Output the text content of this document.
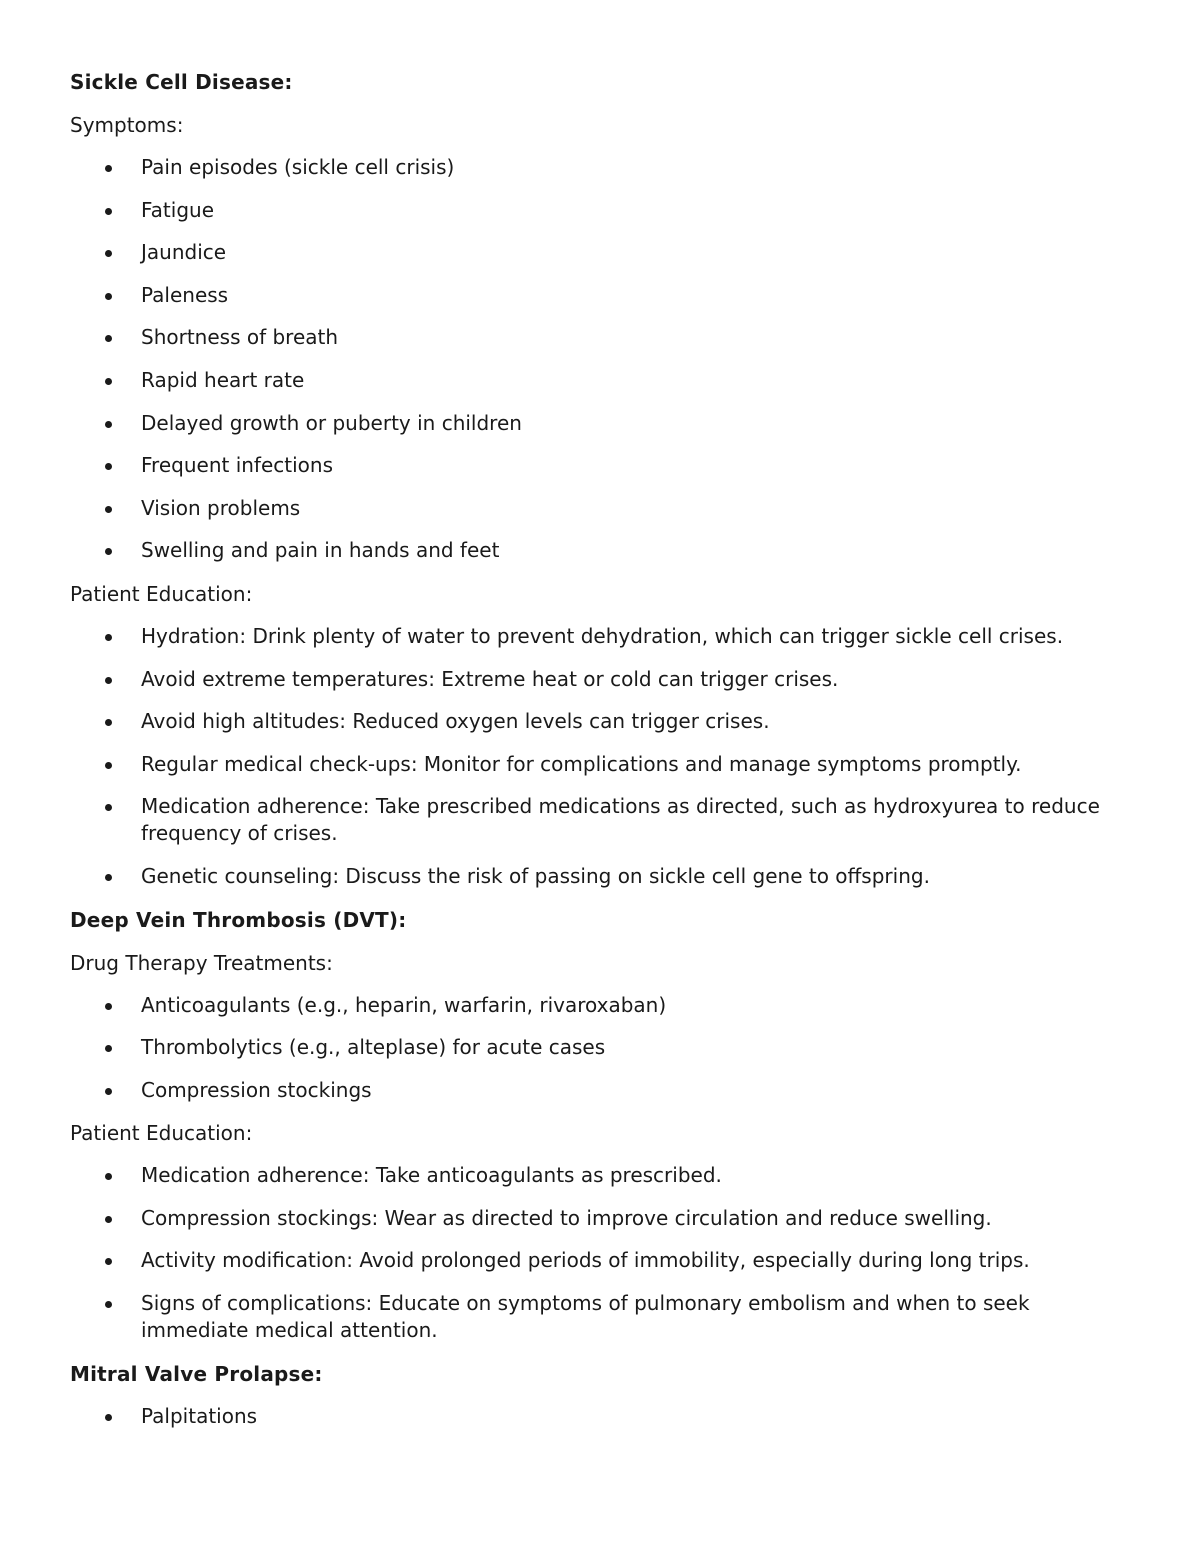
Sickle Cell Disease:
Symptoms:
Pain episodes (sickle cell crisis)
Fatigue
Jaundice
Paleness
Shortness of breath
Rapid heart rate
Delayed growth or puberty in children
Frequent infections
Vision problems
Swelling and pain in hands and feet
Patient Education:
Hydration: Drink plenty of water to prevent dehydration, which can trigger sickle cell crises.
Avoid extreme temperatures: Extreme heat or cold can trigger crises.
Avoid high altitudes: Reduced oxygen levels can trigger crises.
Regular medical check-ups: Monitor for complications and manage symptoms promptly.
Medication adherence: Take prescribed medications as directed, such as hydroxyurea to reduce frequency of crises.
Genetic counseling: Discuss the risk of passing on sickle cell gene to offspring.
Deep Vein Thrombosis (DVT):
Drug Therapy Treatments:
Anticoagulants (e.g., heparin, warfarin, rivaroxaban)
Thrombolytics (e.g., alteplase) for acute cases
Compression stockings
Patient Education:
Medication adherence: Take anticoagulants as prescribed.
Compression stockings: Wear as directed to improve circulation and reduce swelling.
Activity modification: Avoid prolonged periods of immobility, especially during long trips.
Signs of complications: Educate on symptoms of pulmonary embolism and when to seek immediate medical attention.
Mitral Valve Prolapse:
Palpitations
